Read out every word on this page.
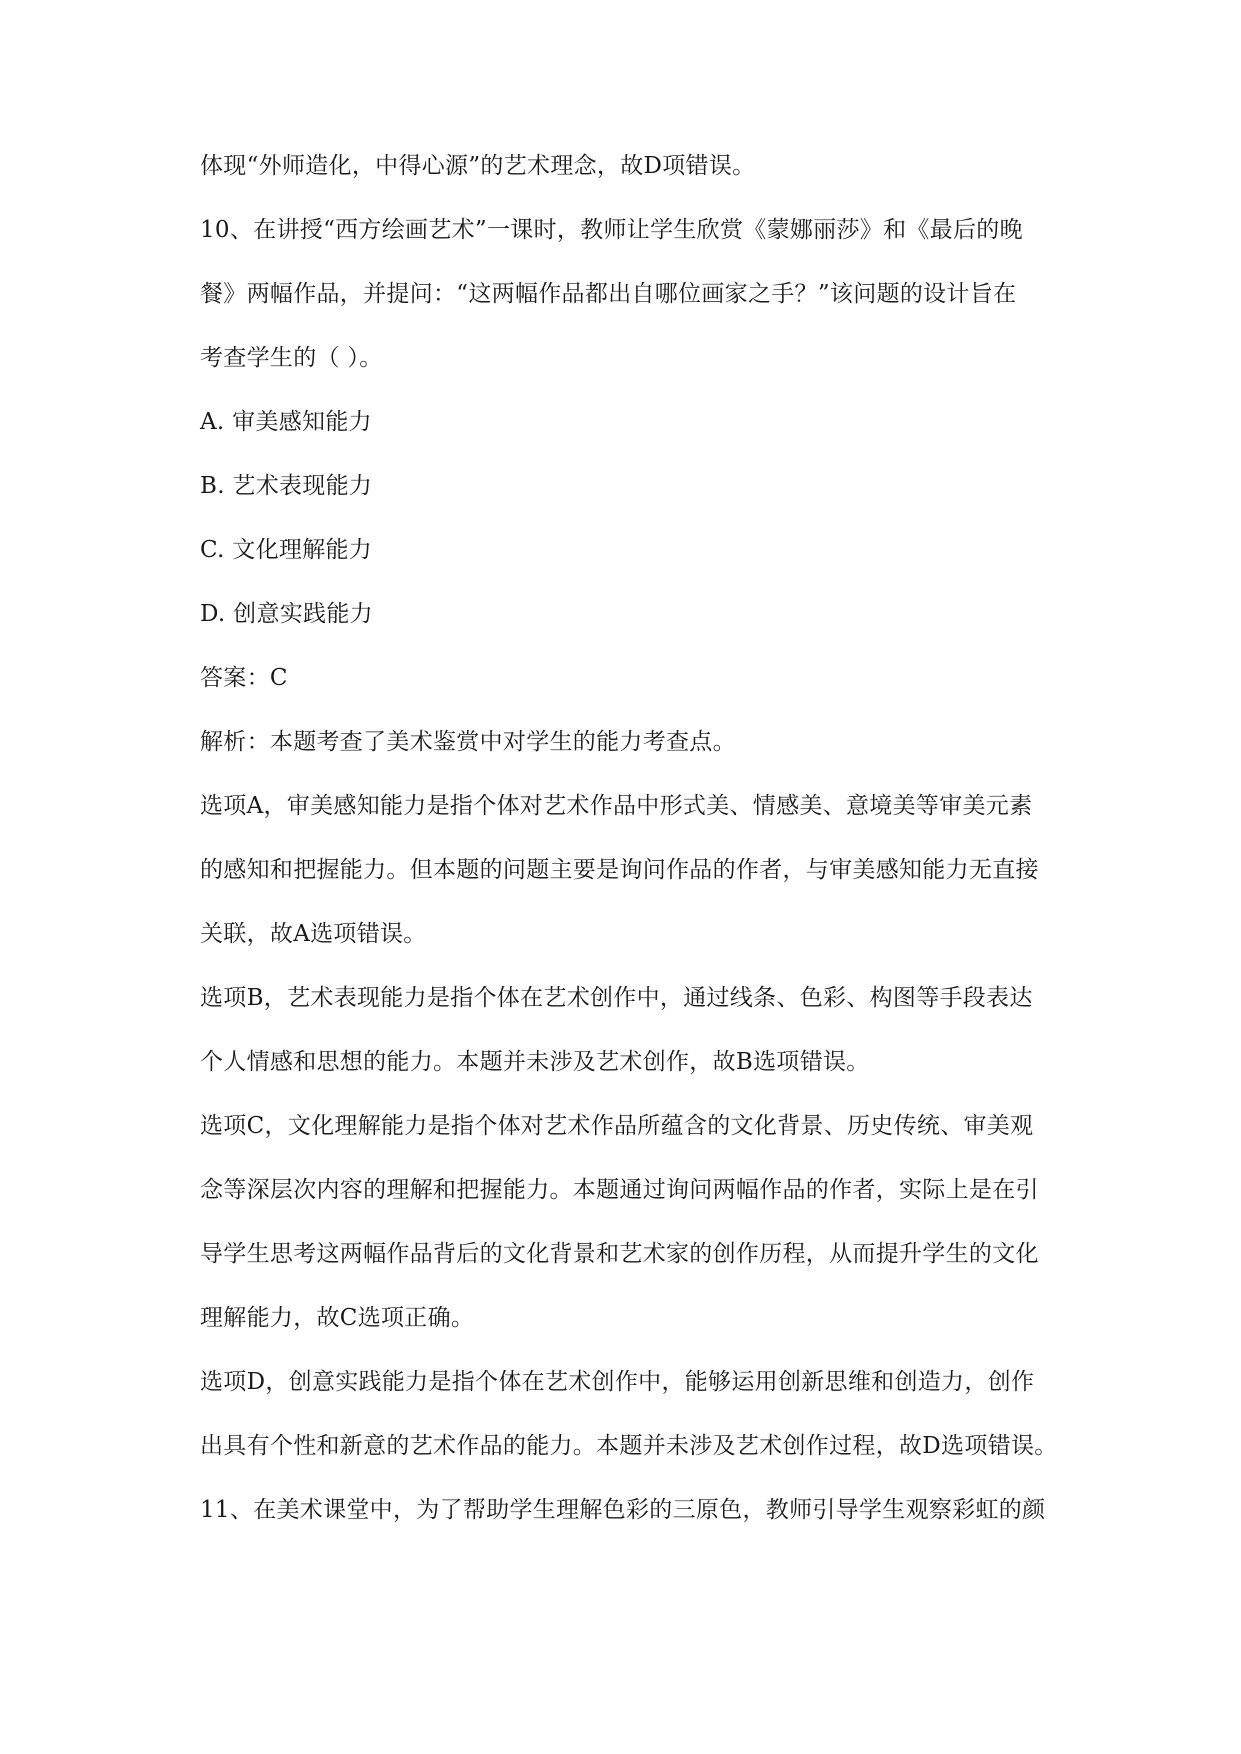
体现“外师造化，中得心源”的艺术理念，故D项错误。
10、在讲授“西方绘画艺术”一课时，教师让学生欣赏《蒙娜丽莎》和《最后的晚
餐》两幅作品，并提问：“这两幅作品都出自哪位画家之手？”该问题的设计旨在
考查学生的（ ）。
A. 审美感知能力
B. 艺术表现能力
C. 文化理解能力
D. 创意实践能力
答案：C
解析：本题考查了美术鉴赏中对学生的能力考查点。
选项A，审美感知能力是指个体对艺术作品中形式美、情感美、意境美等审美元素
的感知和把握能力。但本题的问题主要是询问作品的作者，与审美感知能力无直接
关联，故A选项错误。
选项B，艺术表现能力是指个体在艺术创作中，通过线条、色彩、构图等手段表达
个人情感和思想的能力。本题并未涉及艺术创作，故B选项错误。
选项C，文化理解能力是指个体对艺术作品所蕴含的文化背景、历史传统、审美观
念等深层次内容的理解和把握能力。本题通过询问两幅作品的作者，实际上是在引
导学生思考这两幅作品背后的文化背景和艺术家的创作历程，从而提升学生的文化
理解能力，故C选项正确。
选项D，创意实践能力是指个体在艺术创作中，能够运用创新思维和创造力，创作
出具有个性和新意的艺术作品的能力。本题并未涉及艺术创作过程，故D选项错误。
11、在美术课堂中，为了帮助学生理解色彩的三原色，教师引导学生观察彩虹的颜
